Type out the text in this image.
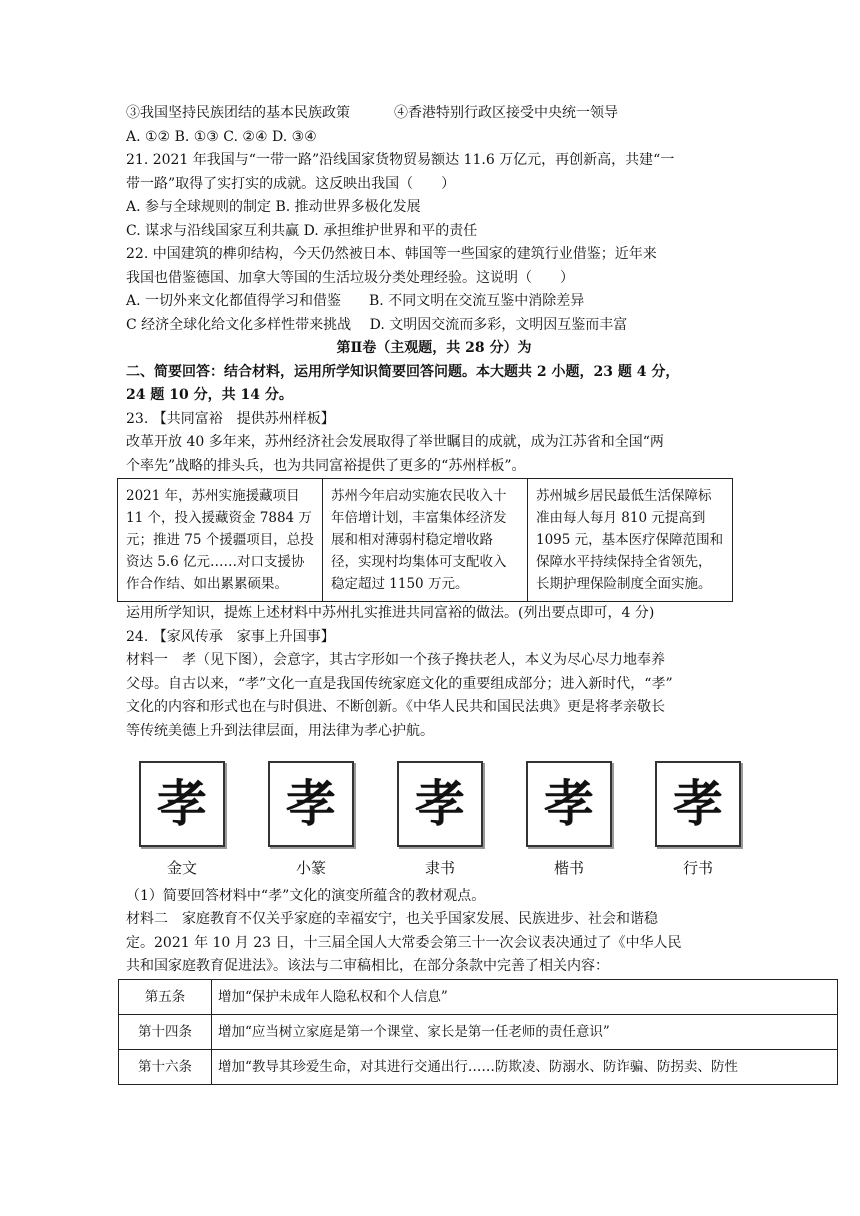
③我国坚持民族团结的基本民族政策	④香港特别行政区接受中央统一领导
A. ①② B. ①③ C. ②④ D. ③④
21. 2021 年我国与“一带一路”沿线国家货物贸易额达 11.6 万亿元，再创新高，共建“一
带一路”取得了实打实的成就。这反映出我国（　　）
A. 参与全球规则的制定 B. 推动世界多极化发展
C. 谋求与沿线国家互利共赢 D. 承担维护世界和平的责任
22. 中国建筑的榫卯结构，今天仍然被日本、韩国等一些国家的建筑行业借鉴；近年来
我国也借鉴德国、加拿大等国的生活垃圾分类处理经验。这说明（　　）
A. 一切外来文化都值得学习和借鉴　　B. 不同文明在交流互鉴中消除差异
C 经济全球化给文化多样性带来挑战　 D. 文明因交流而多彩，文明因互鉴而丰富
第Ⅱ卷（主观题，共 28 分）为
二、简要回答：结合材料，运用所学知识简要回答问题。本大题共 2 小题，23 题 4 分，
24 题 10 分，共 14 分。
23. 【共同富裕　提供苏州样板】
改革开放 40 多年来，苏州经济社会发展取得了举世瞩目的成就，成为江苏省和全国“两
个率先”战略的排头兵，也为共同富裕提供了更多的“苏州样板”。
2021 年，苏州实施援藏项目 11 个，投入援藏资金 7884 万元；推进 75 个援疆项目，总投资达 5.6 亿元……对口支援协作合作结、如出累累硕果。	苏州今年启动实施农民收入十年倍增计划，丰富集体经济发展和相对薄弱村稳定增收路径，实现村均集体可支配收入稳定超过 1150 万元。	苏州城乡居民最低生活保障标准由每人每月 810 元提高到 1095 元，基本医疗保障范围和保障水平持续保持全省领先，长期护理保险制度全面实施。
运用所学知识，提炼上述材料中苏州扎实推进共同富裕的做法。(列出要点即可，4 分)
24. 【家风传承　家事上升国事】
材料一　孝（见下图），会意字，其古字形如一个孩子搀扶老人，本义为尽心尽力地奉养
父母。自古以来，“孝”文化一直是我国传统家庭文化的重要组成部分；进入新时代，“孝”
文化的内容和形式也在与时俱进、不断创新。《中华人民共和国民法典》更是将孝亲敬长
等传统美德上升到法律层面，用法律为孝心护航。
孝
金文
孝
小篆
孝
隶书
孝
楷书
孝
行书
（1）简要回答材料中“孝”文化的演变所蕴含的教材观点。
材料二　家庭教育不仅关乎家庭的幸福安宁，也关乎国家发展、民族进步、社会和谐稳
定。2021 年 10 月 23 日，十三届全国人大常委会第三十一次会议表决通过了《中华人民
共和国家庭教育促进法》。该法与二审稿相比，在部分条款中完善了相关内容：
第五条	增加“保护未成年人隐私权和个人信息”
第十四条	增加“应当树立家庭是第一个课堂、家长是第一任老师的责任意识”
第十六条	增加“教导其珍爱生命，对其进行交通出行……防欺凌、防溺水、防诈骗、防拐卖、防性
